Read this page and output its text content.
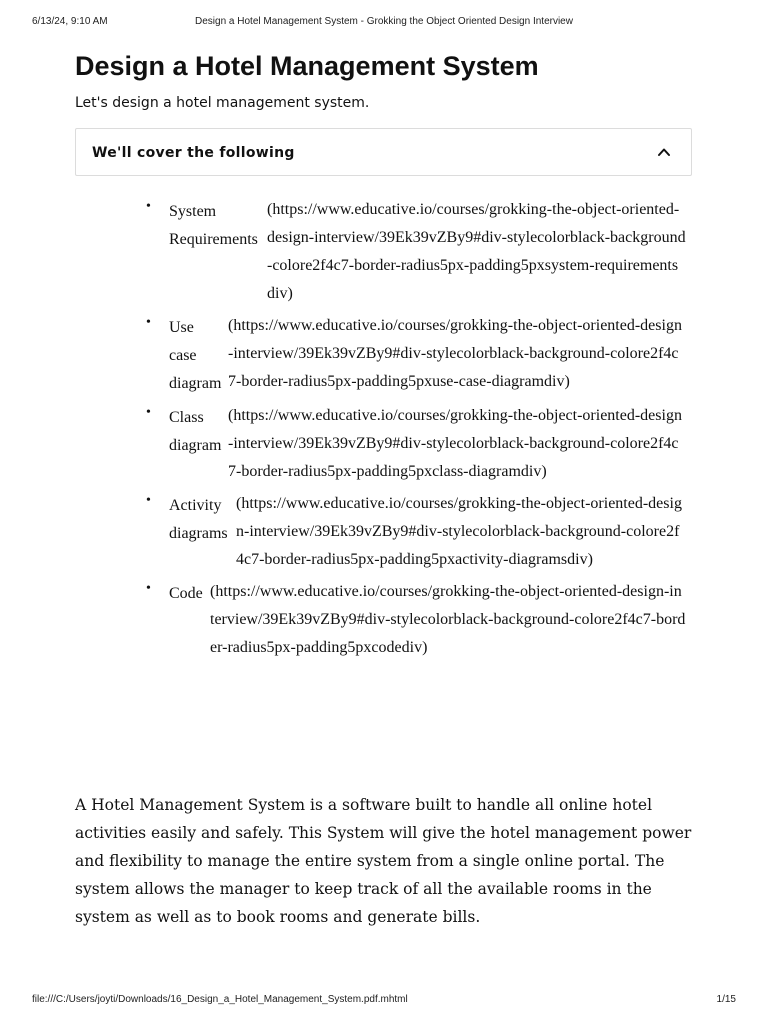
6/13/24, 9:10 AM	Design a Hotel Management System - Grokking the Object Oriented Design Interview
Design a Hotel Management System
Let's design a hotel management system.
We'll cover the following
• System Requirements	(https://www.educative.io/courses/grokking-the-object-oriented-design-interview/39Ek39vZBy9#div-stylecolorblack-background-colore2f4c7-border-radius5px-padding5pxsystem-requirementsdiv)
• Use case diagram	(https://www.educative.io/courses/grokking-the-object-oriented-design-interview/39Ek39vZBy9#div-stylecolorblack-background-colore2f4c7-border-radius5px-padding5pxuse-case-diagramdiv)
• Class diagram	(https://www.educative.io/courses/grokking-the-object-oriented-design-interview/39Ek39vZBy9#div-stylecolorblack-background-colore2f4c7-border-radius5px-padding5pxclass-diagramdiv)
• Activity diagrams	(https://www.educative.io/courses/grokking-the-object-oriented-design-interview/39Ek39vZBy9#div-stylecolorblack-background-colore2f4c7-border-radius5px-padding5pxactivity-diagramsdiv)
• Code	(https://www.educative.io/courses/grokking-the-object-oriented-design-interview/39Ek39vZBy9#div-stylecolorblack-background-colore2f4c7-border-radius5px-padding5pxcodediv)

A Hotel Management System is a software built to handle all online hotel activities easily and safely. This System will give the hotel management power and flexibility to manage the entire system from a single online portal. The system allows the manager to keep track of all the available rooms in the system as well as to book rooms and generate bills.

file:///C:/Users/joyti/Downloads/16_Design_a_Hotel_Management_System.pdf.mhtml	1/15
